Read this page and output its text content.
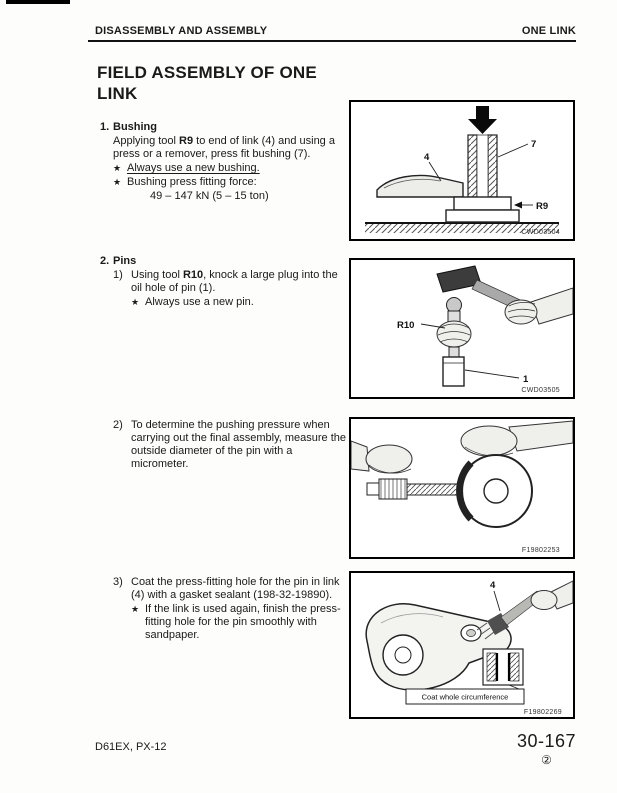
DISASSEMBLY AND ASSEMBLY	ONE LINK
FIELD ASSEMBLY OF ONE
LINK
1. Bushing
Applying tool R9 to end of link (4) and using a press or a remover, press fit bushing (7).
★ Always use a new bushing.
★ Bushing press fitting force:
49 – 147 kN (5 – 15 ton)
2. Pins
1) Using tool R10, knock a large plug into the oil hole of pin (1).
★ Always use a new pin.
2) To determine the pushing pressure when carrying out the final assembly, measure the outside diameter of the pin with a micrometer.
3) Coat the press-fitting hole for the pin in link (4) with a gasket sealant (198-32-19890).
★ If the link is used again, finish the press-fitting hole for the pin smoothly with sandpaper.
4
7
R9
CWD03504
R10
1
CWD03505
F19802253
4
Coat whole circumference
F19802269
D61EX, PX-12	30-167
②
